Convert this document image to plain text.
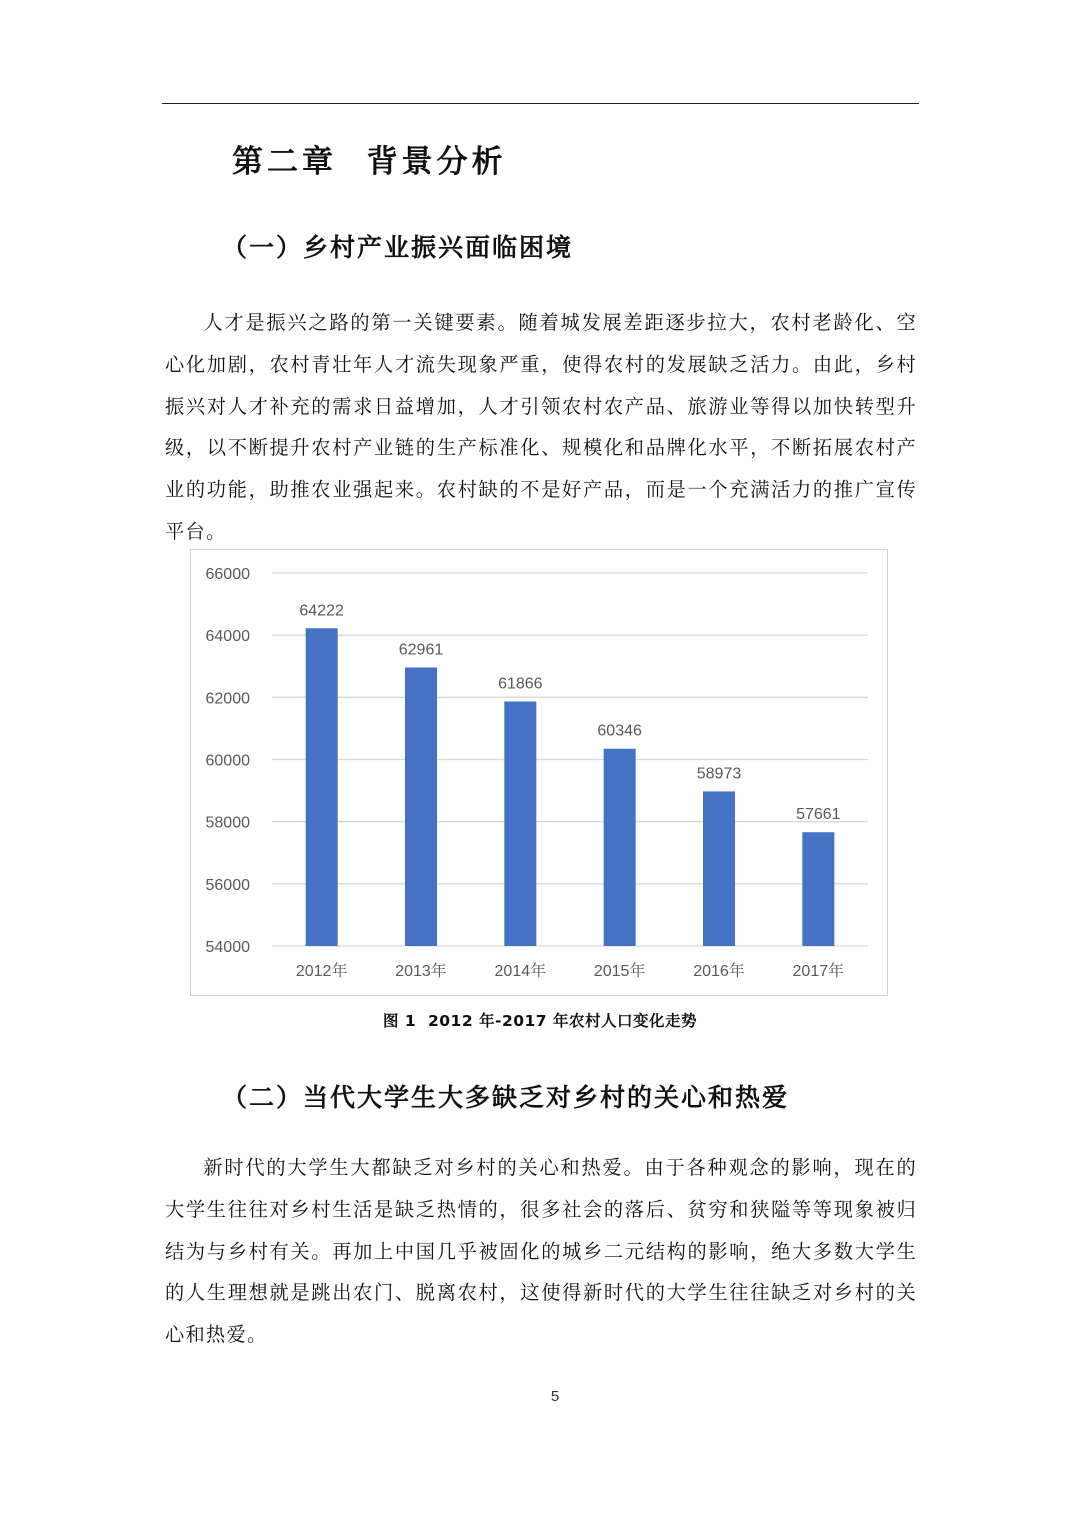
第二章  背景分析
（一）乡村产业振兴面临困境

人才是振兴之路的第一关键要素。随着城发展差距逐步拉大，农村老龄化、空心化加剧，农村青壮年人才流失现象严重，使得农村的发展缺乏活力。由此，乡村振兴对人才补充的需求日益增加，人才引领农村农产品、旅游业等得以加快转型升级，以不断提升农村产业链的生产标准化、规模化和品牌化水平，不断拓展农村产业的功能，助推农业强起来。农村缺的不是好产品，而是一个充满活力的推广宣传平台。

54000
56000
58000
60000
62000
64000
66000
64222
2012年
62961
2013年
61866
2014年
60346
2015年
58973
2016年
57661
2017年

图 1  2012 年-2017 年农村人口变化走势

（二）当代大学生大多缺乏对乡村的关心和热爱

新时代的大学生大都缺乏对乡村的关心和热爱。由于各种观念的影响，现在的大学生往往对乡村生活是缺乏热情的，很多社会的落后、贫穷和狭隘等等现象被归结为与乡村有关。再加上中国几乎被固化的城乡二元结构的影响，绝大多数大学生的人生理想就是跳出农门、脱离农村，这使得新时代的大学生往往缺乏对乡村的关心和热爱。

5
